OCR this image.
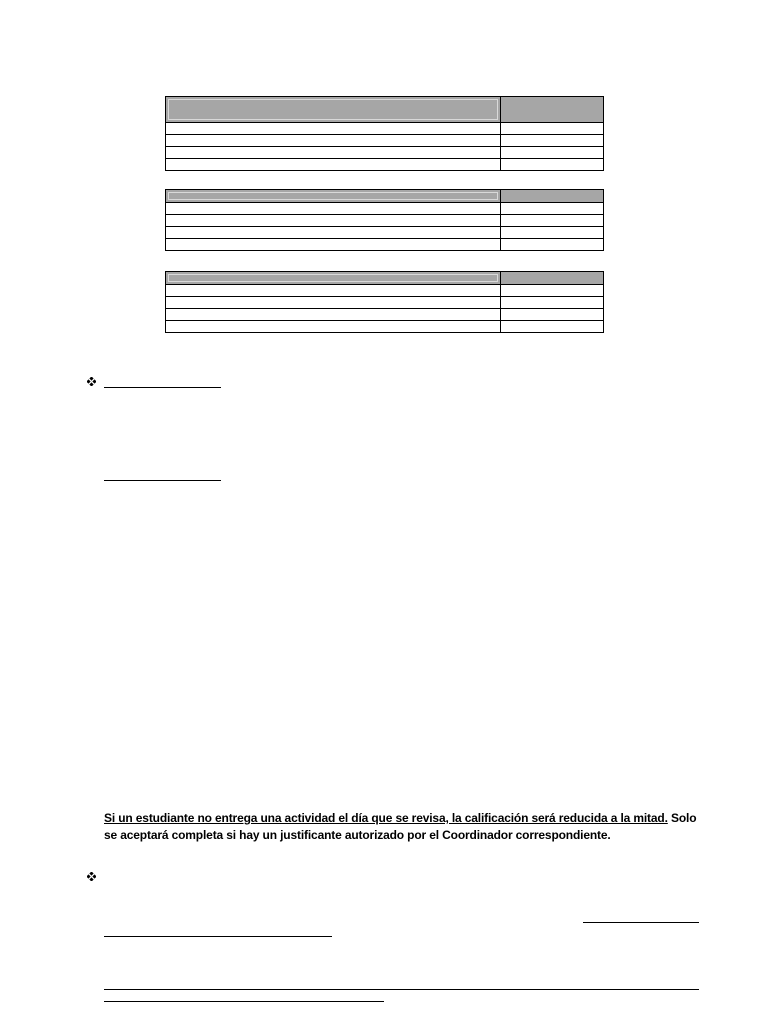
Si un estudiante no entrega una actividad el día que se revisa, la calificación será reducida a la mitad. Solo
se aceptará completa si hay un justificante autorizado por el Coordinador correspondiente.
